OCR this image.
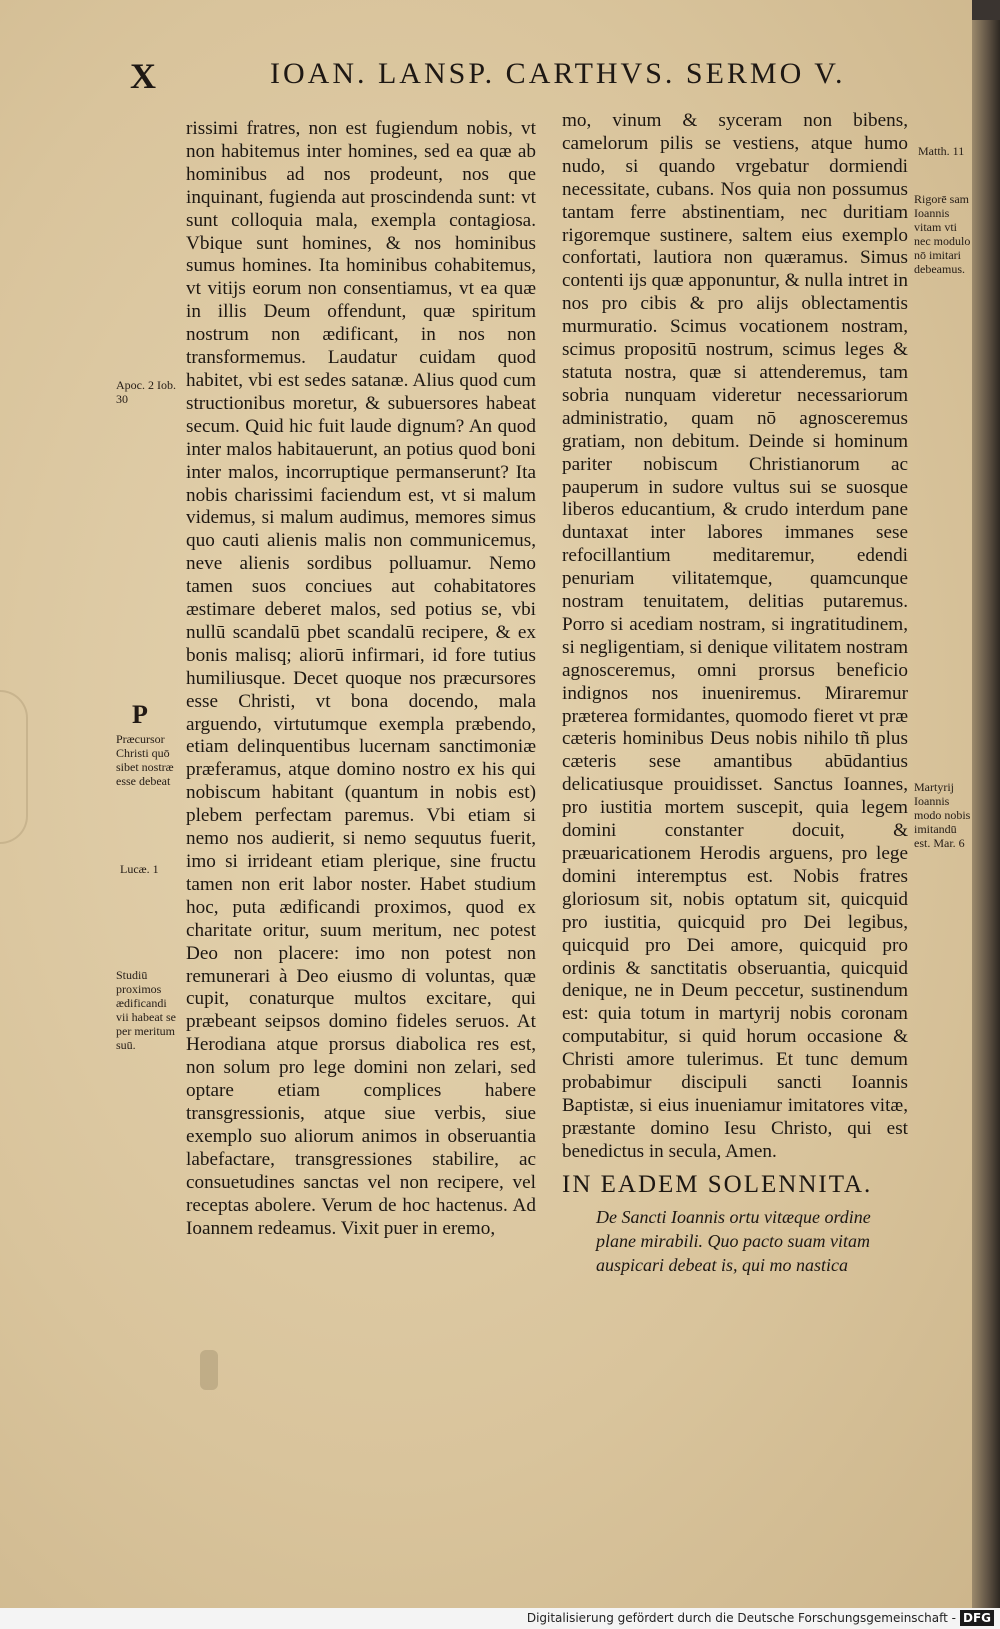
X	IOAN. LANSP. CARTHVS. SERMO V.
Apoc. 2 Iob. 30
P
Præcursor Christi quō sibet nostræ esse debeat
Lucæ. 1
Studiū proximos ædificandi vii habeat se per meritum suū.

rissimi fratres, non est fugiendum nobis, vt non habitemus inter homines, sed ea quæ ab hominibus ad nos prodeunt, nos que inquinant, fugienda aut proscindenda sunt: vt sunt colloquia mala, exempla contagiosa. Vbique sunt homines, & nos hominibus sumus homines. Ita hominibus cohabitemus, vt vitijs eorum non consentiamus, vt ea quæ in illis Deum offendunt, quæ spiritum nostrum non ædificant, in nos non transformemus. Laudatur cuidam quod habitet, vbi est sedes satanæ. Alius quod cum structionibus moretur, & subuersores habeat secum. Quid hic fuit laude dignum? An quod inter malos habitauerunt, an potius quod boni inter malos, incorruptique permanserunt? Ita nobis charissimi faciendum est, vt si malum videmus, si malum audimus, memores simus quo cauti alienis malis non communicemus, neve alienis sordibus polluamur. Nemo tamen suos conciues aut cohabitatores æstimare deberet malos, sed potius se, vbi nullū scandalū pbet scandalū recipere, & ex bonis malisq; aliorū infirmari, id fore tutius humiliusque. Decet quoque nos præcursores esse Christi, vt bona docendo, mala arguendo, virtutumque exempla præbendo, etiam delinquentibus lucernam sanctimoniæ præferamus, atque domino nostro ex his qui nobiscum habitant (quantum in nobis est) plebem perfectam paremus. Vbi etiam si nemo nos audierit, si nemo sequutus fuerit, imo si irrideant etiam plerique, sine fructu tamen non erit labor noster. Habet studium hoc, puta ædificandi proximos, quod ex charitate oritur, suum meritum, nec potest Deo non placere: imo non potest non remunerari à Deo eiusmo di voluntas, quæ cupit, conaturque multos excitare, qui præbeant seipsos domino fideles seruos. At Herodiana atque prorsus diabolica res est, non solum pro lege domini non zelari, sed optare etiam complices habere transgressionis, atque siue verbis, siue exemplo suo aliorum animos in obseruantia labefactare, transgressiones stabilire, ac consuetudines sanctas vel non recipere, vel receptas abolere. Verum de hoc hactenus. Ad Ioannem redeamus. Vixit puer in eremo,

mo, vinum & syceram non bibens, camelorum pilis se vestiens, atque humo nudo, si quando vrgebatur dormiendi necessitate, cubans. Nos quia non possumus tantam ferre abstinentiam, nec duritiam rigoremque sustinere, saltem eius exemplo confortati, lautiora non quæramus. Simus contenti ijs quæ apponuntur, & nulla intret in nos pro cibis & pro alijs oblectamentis murmuratio. Scimus vocationem nostram, scimus propositū nostrum, scimus leges & statuta nostra, quæ si attenderemus, tam sobria nunquam videretur necessariorum administratio, quam nō agnosceremus gratiam, non debitum. Deinde si hominum pariter nobiscum Christianorum ac pauperum in sudore vultus sui se suosque liberos educantium, & crudo interdum pane duntaxat inter labores immanes sese refocillantium meditaremur, edendi penuriam vilitatemque, quamcunque nostram tenuitatem, delitias putaremus. Porro si acediam nostram, si ingratitudinem, si negligentiam, si denique vilitatem nostram agnosceremus, omni prorsus beneficio indignos nos inueniremus. Miraremur præterea formidantes, quomodo fieret vt præ cæteris hominibus Deus nobis nihilo tñ plus cæteris sese amantibus abūdantius delicatiusque prouidisset. Sanctus Ioannes, pro iustitia mortem suscepit, quia legem domini constanter docuit, & præuaricationem Herodis arguens, pro lege domini interemptus est. Nobis fratres gloriosum sit, nobis optatum sit, quicquid pro iustitia, quicquid pro Dei legibus, quicquid pro Dei amore, quicquid pro ordinis & sanctitatis obseruantia, quicquid denique, ne in Deum peccetur, sustinendum est: quia totum in martyrij nobis coronam computabitur, si quid horum occasione & Christi amore tulerimus. Et tunc demum probabimur discipuli sancti Ioannis Baptistæ, si eius inueniamur imitatores vitæ, præstante domino Iesu Christo, qui est benedictus in secula, Amen.

IN EADEM SOLENNITA.
De Sancti Ioannis ortu vitæque ordine plane mirabili. Quo pacto suam vitam auspicari debeat is, qui mo nastica
Matth. 11
Rigorē sam Ioannis vitam vti nec modulo nō imitari debeamus.
Martyrij Ioannis modo nobis imitandū est. Mar. 6
Digitalisierung gefördert durch die Deutsche Forschungsgemeinschaft - DFG
